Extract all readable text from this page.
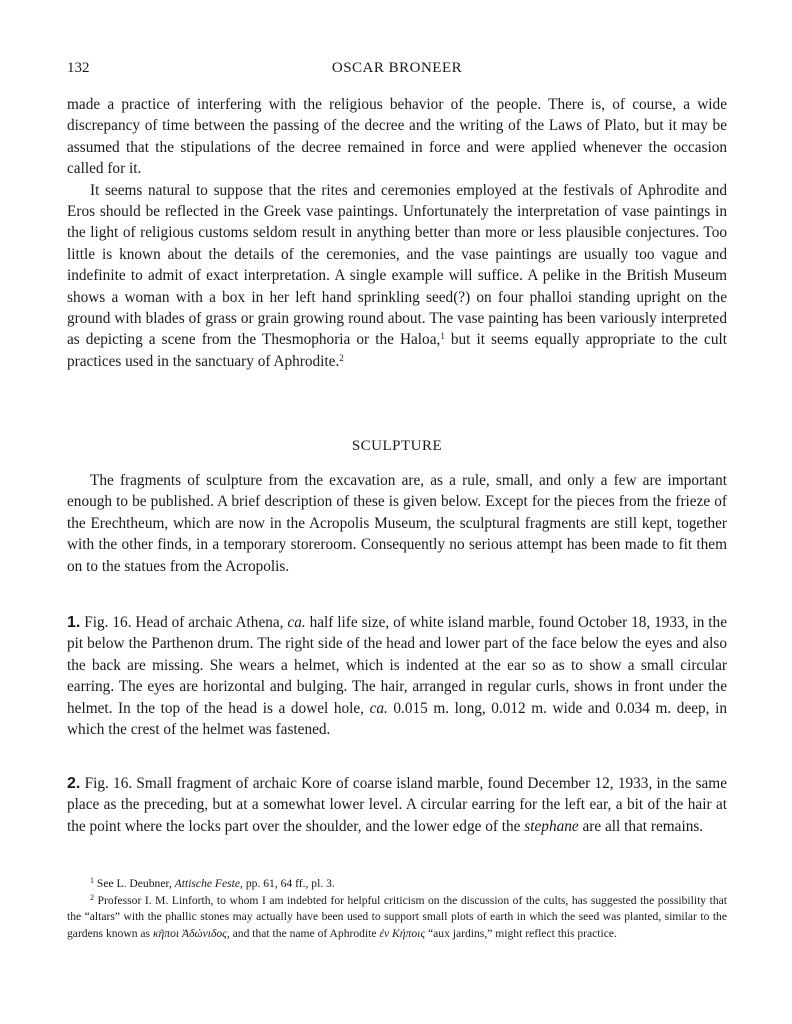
132	OSCAR BRONEER

made a practice of interfering with the religious behavior of the people. There is, of course, a wide discrepancy of time between the passing of the decree and the writing of the Laws of Plato, but it may be assumed that the stipulations of the decree remained in force and were applied whenever the occasion called for it.

It seems natural to suppose that the rites and ceremonies employed at the festivals of Aphrodite and Eros should be reflected in the Greek vase paintings. Unfortunately the interpretation of vase paintings in the light of religious customs seldom result in anything better than more or less plausible conjectures. Too little is known about the details of the ceremonies, and the vase paintings are usually too vague and indefinite to admit of exact interpretation. A single example will suffice. A pelike in the British Museum shows a woman with a box in her left hand sprinkling seed(?) on four phalloi standing upright on the ground with blades of grass or grain growing round about. The vase painting has been variously interpreted as depicting a scene from the Thesmophoria or the Haloa,$^1$ but it seems equally appropriate to the cult practices used in the sanctuary of Aphrodite.$^2$

SCULPTURE

The fragments of sculpture from the excavation are, as a rule, small, and only a few are important enough to be published. A brief description of these is given below. Except for the pieces from the frieze of the Erechtheum, which are now in the Acropolis Museum, the sculptural fragments are still kept, together with the other finds, in a temporary storeroom. Consequently no serious attempt has been made to fit them on to the statues from the Acropolis.

1. Fig. 16. Head of archaic Athena, ca. half life size, of white island marble, found October 18, 1933, in the pit below the Parthenon drum. The right side of the head and lower part of the face below the eyes and also the back are missing. She wears a helmet, which is indented at the ear so as to show a small circular earring. The eyes are horizontal and bulging. The hair, arranged in regular curls, shows in front under the helmet. In the top of the head is a dowel hole, ca. 0.015 m. long, 0.012 m. wide and 0.034 m. deep, in which the crest of the helmet was fastened.

2. Fig. 16. Small fragment of archaic Kore of coarse island marble, found December 12, 1933, in the same place as the preceding, but at a somewhat lower level. A circular earring for the left ear, a bit of the hair at the point where the locks part over the shoulder, and the lower edge of the stephane are all that remains.

$^1$ See L. Deubner, Attische Feste, pp. 61, 64 ff., pl. 3.

$^2$ Professor I. M. Linforth, to whom I am indebted for helpful criticism on the discussion of the cults, has suggested the possibility that the “altars” with the phallic stones may actually have been used to support small plots of earth in which the seed was planted, similar to the gardens known as κῆποι Ἀδώνιδος, and that the name of Aphrodite ἐν Κήποις “aux jardins,” might reflect this practice.
